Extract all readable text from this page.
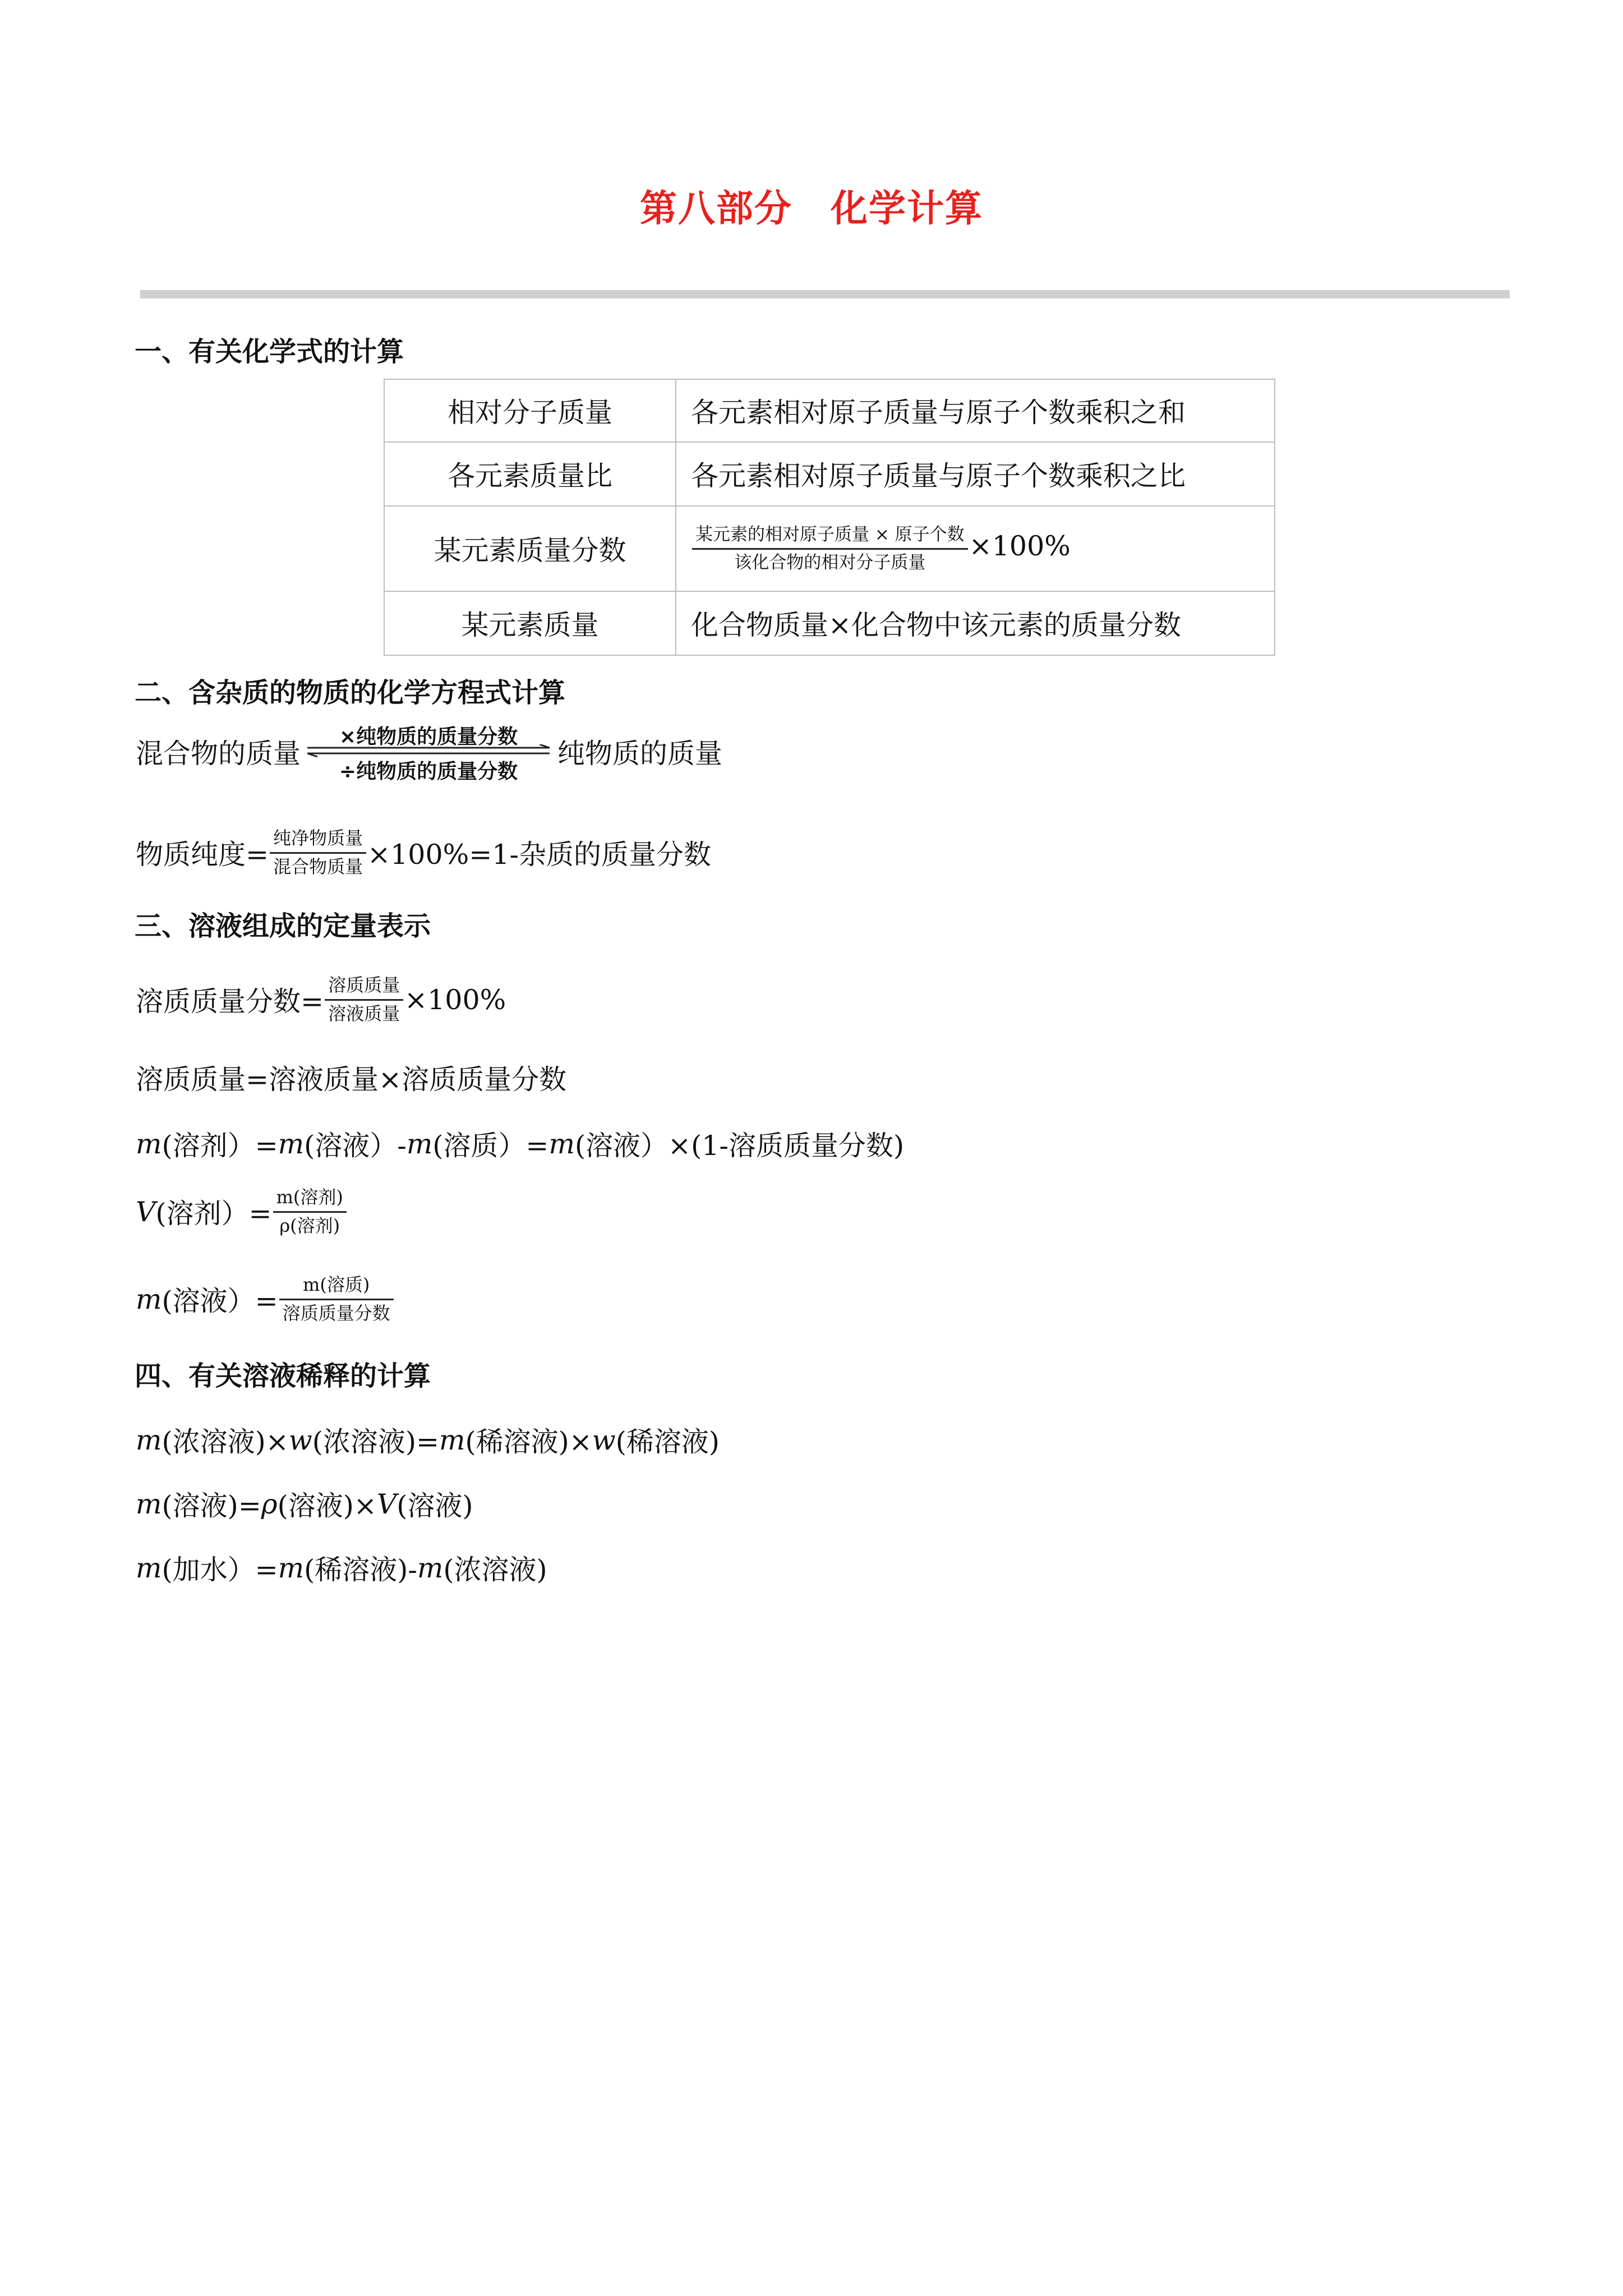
第八部分　化学计算
一、有关化学式的计算
相对分子质量	各元素相对原子质量与原子个数乘积之和
各元素质量比	各元素相对原子质量与原子个数乘积之比
某元素质量分数	$\frac{\text{某元素的相对原子质量 × 原子个数}}{\text{该化合物的相对分子质量}} \times 100\%$
某元素质量	化合物质量×化合物中该元素的质量分数
二、含杂质的物质的化学方程式计算
混合物的质量
×纯物质的质量分数
÷纯物质的质量分数
纯物质的质量
物质纯度= $\frac{\text{纯净物质量}}{\text{混合物质量}} \times 100\%=1-$杂质的质量分数
三、溶液组成的定量表示
溶质质量分数= $\frac{\text{溶质质量}}{\text{溶液质量}} \times 100\%$
溶质质量=溶液质量×溶质质量分数
m (溶剂）= m (溶液）- m (溶质）= m (溶液）×(1-溶质质量分数)
V (溶剂）= $\frac{\text{m(溶剂)}}{\text{ρ(溶剂)}}$
m (溶液）= $\frac{\text{m(溶质)}}{\text{溶质质量分数}}$
四、有关溶液稀释的计算
m (浓溶液)× w (浓溶液)= m (稀溶液)× w (稀溶液)
m (溶液)= ρ (溶液)× V (溶液)
m (加水）= m (稀溶液)- m (浓溶液)
